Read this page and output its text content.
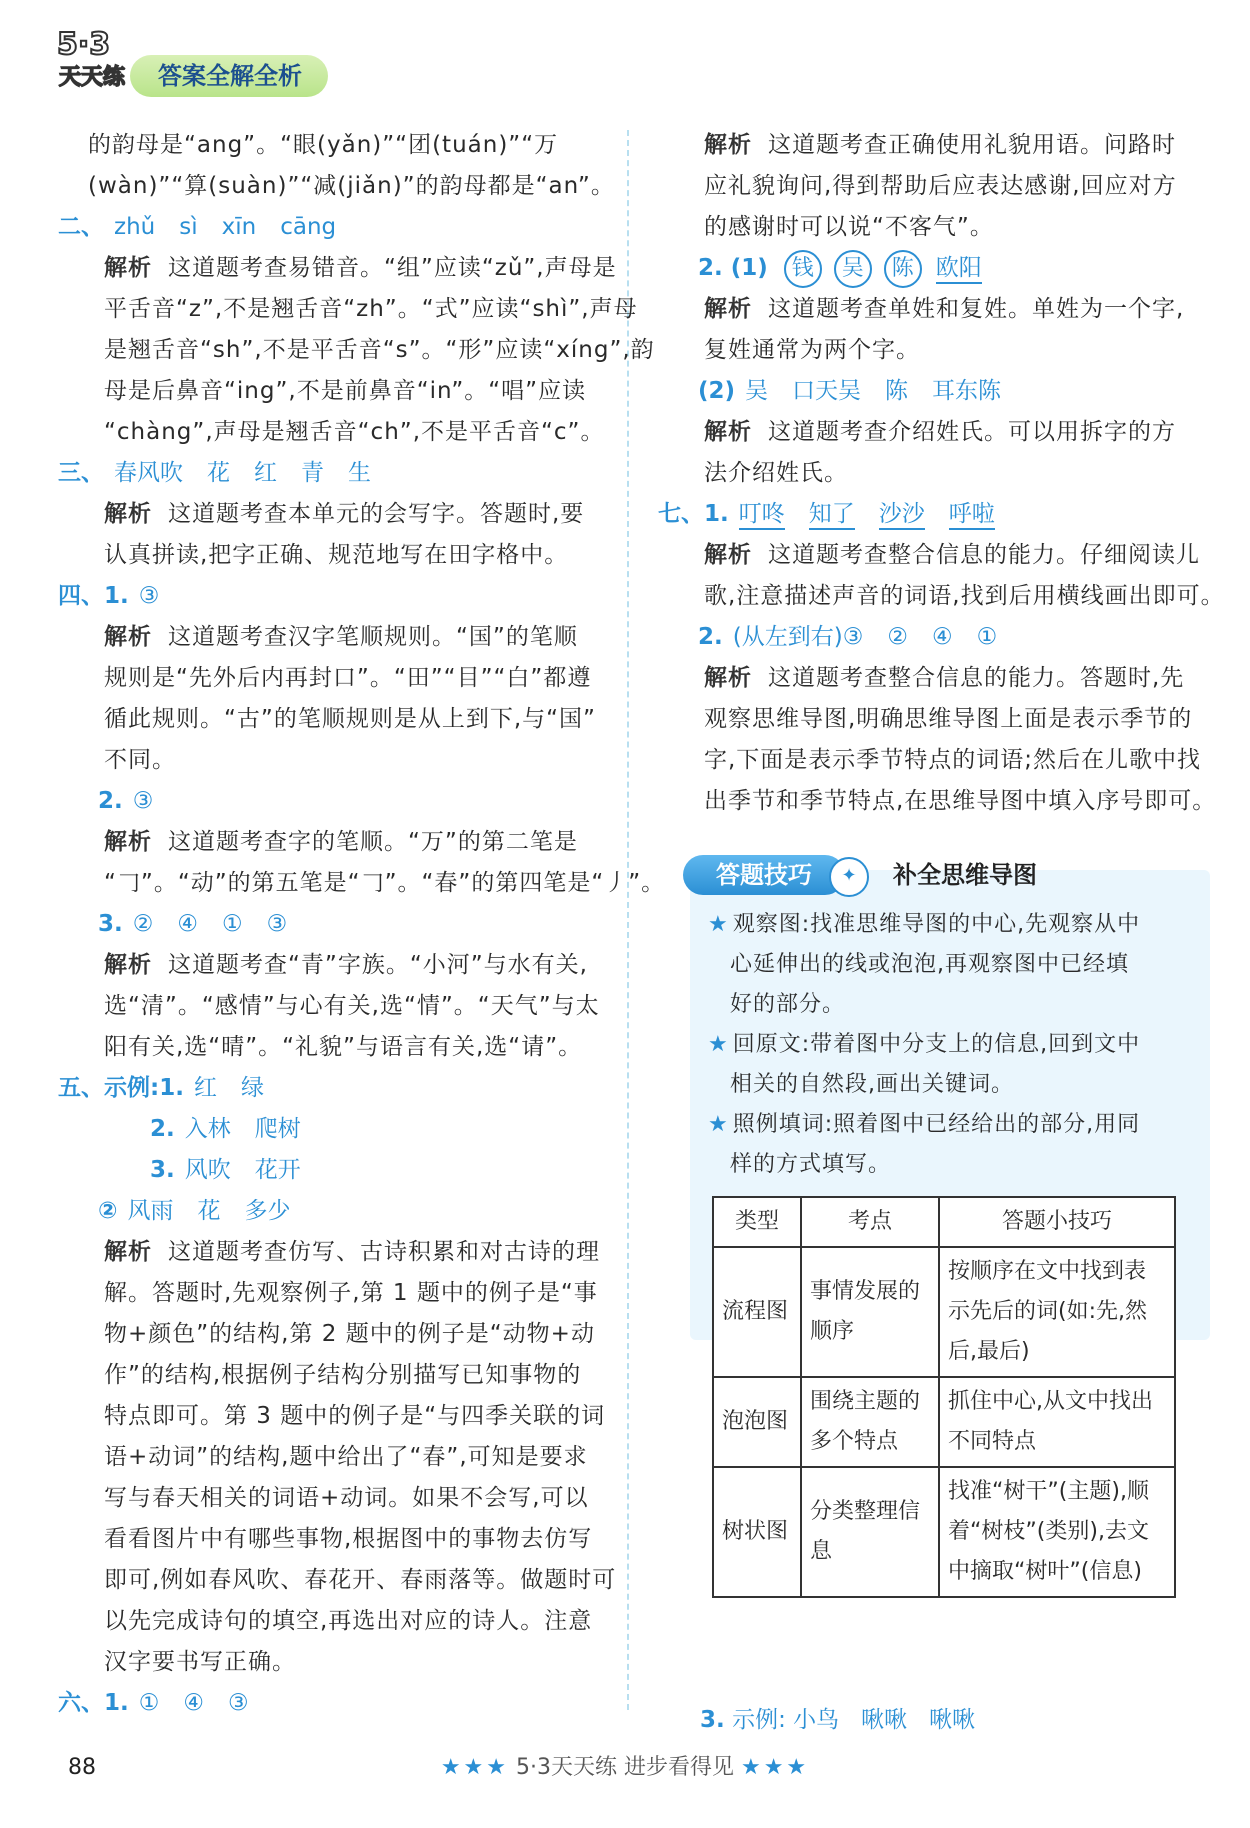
5·3
天天练	答案全解全析
的韵母是“ang”。“眼(yǎn)”“团(tuán)”“万
(wàn)”“算(suàn)”“减(jiǎn)”的韵母都是“an”。
二、 zhǔ sì xīn cāng
解析 这道题考查易错音。“组”应读“zǔ”,声母是
平舌音“z”,不是翘舌音“zh”。“式”应读“shì”,声母
是翘舌音“sh”,不是平舌音“s”。“形”应读“xíng”,韵
母是后鼻音“ing”,不是前鼻音“in”。“唱”应读
“chàng”,声母是翘舌音“ch”,不是平舌音“c”。
三、 春风吹 花 红 青 生
解析 这道题考查本单元的会写字。答题时,要
认真拼读,把字正确、规范地写在田字格中。
四、1. ③
解析 这道题考查汉字笔顺规则。“国”的笔顺
规则是“先外后内再封口”。“田”“目”“白”都遵
循此规则。“古”的笔顺规则是从上到下,与“国”
不同。
2. ③
解析 这道题考查字的笔顺。“万”的第二笔是
“𠃌”。“动”的第五笔是“𠃌”。“春”的第四笔是“丿”。
3. ② ④ ① ③
解析 这道题考查“青”字族。“小河”与水有关,
选“清”。“感情”与心有关,选“情”。“天气”与太
阳有关,选“晴”。“礼貌”与语言有关,选“请”。
五、示例:1. 红 绿
2. 入林 爬树
3. 风吹 花开
② 风雨 花 多少
解析 这道题考查仿写、古诗积累和对古诗的理
解。答题时,先观察例子,第 1 题中的例子是“事
物+颜色”的结构,第 2 题中的例子是“动物+动
作”的结构,根据例子结构分别描写已知事物的
特点即可。第 3 题中的例子是“与四季关联的词
语+动词”的结构,题中给出了“春”,可知是要求
写与春天相关的词语+动词。如果不会写,可以
看看图片中有哪些事物,根据图中的事物去仿写
即可,例如春风吹、春花开、春雨落等。做题时可
以先完成诗句的填空,再选出对应的诗人。注意
汉字要书写正确。
六、1. ① ④ ③
解析 这道题考查正确使用礼貌用语。问路时
应礼貌询问,得到帮助后应表达感谢,回应对方
的感谢时可以说“不客气”。
2. (1) 钱 吴 陈 欧阳
解析 这道题考查单姓和复姓。单姓为一个字,
复姓通常为两个字。
(2) 吴 口天吴 陈 耳东陈
解析 这道题考查介绍姓氏。可以用拆字的方
法介绍姓氏。
七、1. 叮咚 知了 沙沙 呼啦
解析 这道题考查整合信息的能力。仔细阅读儿
歌,注意描述声音的词语,找到后用横线画出即可。
2. (从左到右)③ ② ④ ①
解析 这道题考查整合信息的能力。答题时,先
观察思维导图,明确思维导图上面是表示季节的
字,下面是表示季节特点的词语;然后在儿歌中找
出季节和季节特点,在思维导图中填入序号即可。
答题技巧	✦	补全思维导图
★ 观察图:找准思维导图的中心,先观察从中
心延伸出的线或泡泡,再观察图中已经填
好的部分。
★ 回原文:带着图中分支上的信息,回到文中
相关的自然段,画出关键词。
★ 照例填词:照着图中已经给出的部分,用同
样的方式填写。
类型	考点	答题小技巧
流程图	事情发展的顺序	按顺序在文中找到表示先后的词(如:先,然后,最后)
泡泡图	围绕主题的多个特点	抓住中心,从文中找出不同特点
树状图	分类整理信息	找准“树干”(主题),顺着“树枝”(类别),去文中摘取“树叶”(信息)
3. 示例: 小鸟 啾啾 啾啾
88	★★★ 5·3天天练 进步看得见 ★★★
